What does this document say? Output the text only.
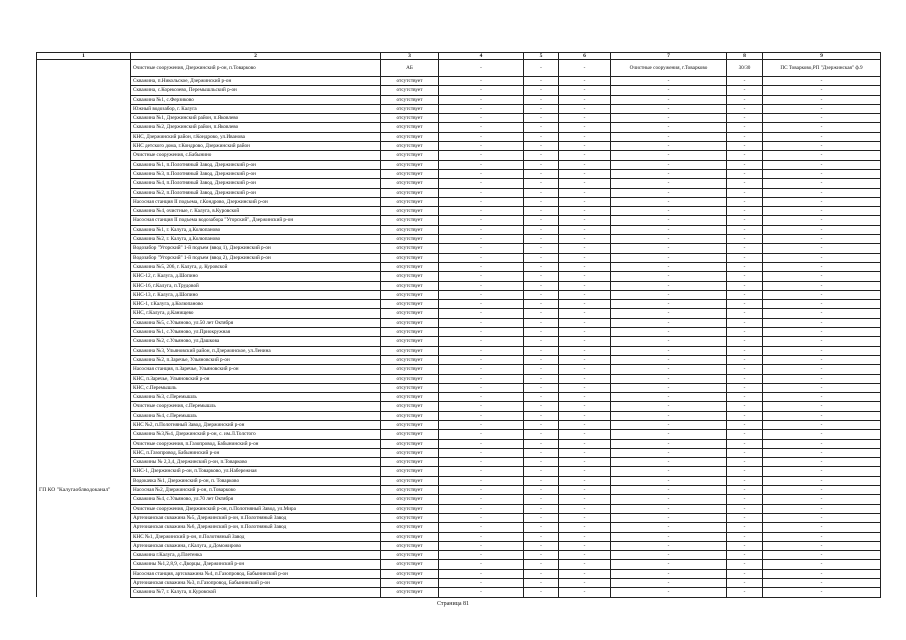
1	2	3	4	5	6	7	8	9
	Очистные сооружения, Дзержинский р-он, п.Товарково	АБ	-	-	-	Очистные сооружения, г.Товарково	30/30	ПС Товарково,РП "Дзержинская" ф.9
	Скважина, п.Никольское, Дзержинский р-он	отсутствует	-	-	-	-	-	-
	Скважина, с.Корекозево, Перемышльский р-он	отсутствует	-	-	-	-	-	-
	Скважина №1, с.Ферзиково	отсутствует	-	-	-	-	-	-
	Южный водозабор, г. Калуга	отсутствует	-	-	-	-	-	-
	Скважина №1, Дзержинский район, п.Яковлево	отсутствует	-	-	-	-	-	-
	Скважина №2, Дзержинский район, п.Яковлево	отсутствует	-	-	-	-	-	-
	КНС, Дзержинский район, г.Кондрово, ул.Иванова	отсутствует	-	-	-	-	-	-
	КНС детского дома, г.Кондрово, Дзержинский район	отсутствует	-	-	-	-	-	-
	Очистные сооружения, с.Бабынино	отсутствует	-	-	-	-	-	-
	Скважина №1, п.Полотняный Завод, Дзержинский р-он	отсутствует	-	-	-	-	-	-
	Скважина №3, п.Полотняный Завод, Дзержинский р-он	отсутствует	-	-	-	-	-	-
	Скважина №4, п.Полотняный Завод, Дзержинский р-он	отсутствует	-	-	-	-	-	-
	Скважина №2, п.Полотняный Завод, Дзержинский р-он	отсутствует	-	-	-	-	-	-
	Насосная станция II подъема, г.Кондрово, Дзержинский р-он	отсутствует	-	-	-	-	-	-
	Скважина №4, очистные, г. Калуга, в.Куровской	отсутствует	-	-	-	-	-	-
	Насосная станция II подъема водозабора "Угорский", Дзержинский р-он	отсутствует	-	-	-	-	-	-
	Скважина №1, г. Калуга, д.Колюпаново	отсутствует	-	-	-	-	-	-
	Скважина №2, г. Калуга, д.Колюпаново	отсутствует	-	-	-	-	-	-
	Водозабор "Угорский" 1-й подъем (ввод 1), Дзержинский р-он	отсутствует	-	-	-	-	-	-
	Водозабор "Угорский" 1-й подъем (ввод 2), Дзержинский р-он	отсутствует	-	-	-	-	-	-
	Скважина №5, 206, г. Калуга, д. Куровской	отсутствует	-	-	-	-	-	-
	КНС-12, г. Калуга, д.Шопино	отсутствует	-	-	-	-	-	-
	КНС-16, г.Калуга, п.Трудовой	отсутствует	-	-	-	-	-	-
	КНС-13, г. Калуга, д.Шопино	отсутствует	-	-	-	-	-	-
	КНС-1, г.Калуга, д.Колюпаново	отсутствует	-	-	-	-	-	-
	КНС, г.Калуга, д.Канищево	отсутствует	-	-	-	-	-	-
	Скважина №5, с.Ульяново, ул.50 лет Октября	отсутствует	-	-	-	-	-	-
	Скважина №1, с.Ульяново, ул.Приокружная	отсутствует	-	-	-	-	-	-
	Скважина №2, с.Ульяново, ул.Дашкова	отсутствует	-	-	-	-	-	-
	Скважина №3, Ульяновский район, п.Дзержинское, ул.Ленина	отсутствует	-	-	-	-	-	-
	Скважина №2, п.Заречье, Ульяновский р-он	отсутствует	-	-	-	-	-	-
	Насосная станция, п.Заречье, Ульяновский р-он	отсутствует	-	-	-	-	-	-
	КНС, п.Заречье, Ульяновский р-он	отсутствует	-	-	-	-	-	-
	КНС, с.Перемышль	отсутствует	-	-	-	-	-	-
	Скважина №3, с.Перемышль	отсутствует	-	-	-	-	-	-
	Очистные сооружения, с.Перемышль	отсутствует	-	-	-	-	-	-
	Скважина №4, с.Перемышль	отсутствует	-	-	-	-	-	-
	КНС №2, п.Полотняный Завод, Дзержинский р-он	отсутствует	-	-	-	-	-	-
	Скважина №3,№4, Дзержинский р-он, с. им.Л.Толстого	отсутствует	-	-	-	-	-	-
	Очистные сооружения, п.Газопровод, Бабынинский р-он	отсутствует	-	-	-	-	-	-
	КНС, п.Газопровод, Бабынинский р-он	отсутствует	-	-	-	-	-	-
	Скважины № 2,3,4, Дзержинский р-он, п.Товарково	отсутствует	-	-	-	-	-	-
	КНС-1, Дзержинский р-он, п.Товарково, ул.Набережная	отсутствует	-	-	-	-	-	-
	Водокачка №1, Дзержинский р-он, п. Товарково	отсутствует	-	-	-	-	-	-
ГП КО "Калугаоблводоканал"	Насосная №2, Дзержинский р-он, п.Товарково	отсутствует	-	-	-	-	-	-
	Скважина №4, с.Ульяново, ул.70 лет Октября	отсутствует	-	-	-	-	-	-
	Очистные сооружения, Дзержинский р-он, п.Полотняный Завод, ул.Мира	отсутствует	-	-	-	-	-	-
	Артезианская скважина №5, Дзержинский р-он, п.Полотняный Завод	отсутствует	-	-	-	-	-	-
	Артезианская скважина №6, Дзержинский р-он, п.Полотняный Завод	отсутствует	-	-	-	-	-	-
	КНС №1, Дзержинский р-он, п.Полотняный Завод	отсутствует	-	-	-	-	-	-
	Артезианская скважина, г.Калуга, д.Доможирово	отсутствует	-	-	-	-	-	-
	Скважина г.Калуга, д.Плетенка	отсутствует	-	-	-	-	-	-
	Скважины №1,2,8,9, с.Дворцы, Дзержинский р-он	отсутствует	-	-	-	-	-	-
	Насосная станция, артскважина №4, п.Газопровод, Бабынинский р-он	отсутствует	-	-	-	-	-	-
	Артезианская скважина №3, п.Газопровод, Бабынинский р-он	отсутствует	-	-	-	-	-	-
	Скважина №7, г. Калуга, п.Куровской	отсутствует	-	-	-	-	-	-
Страница 81
